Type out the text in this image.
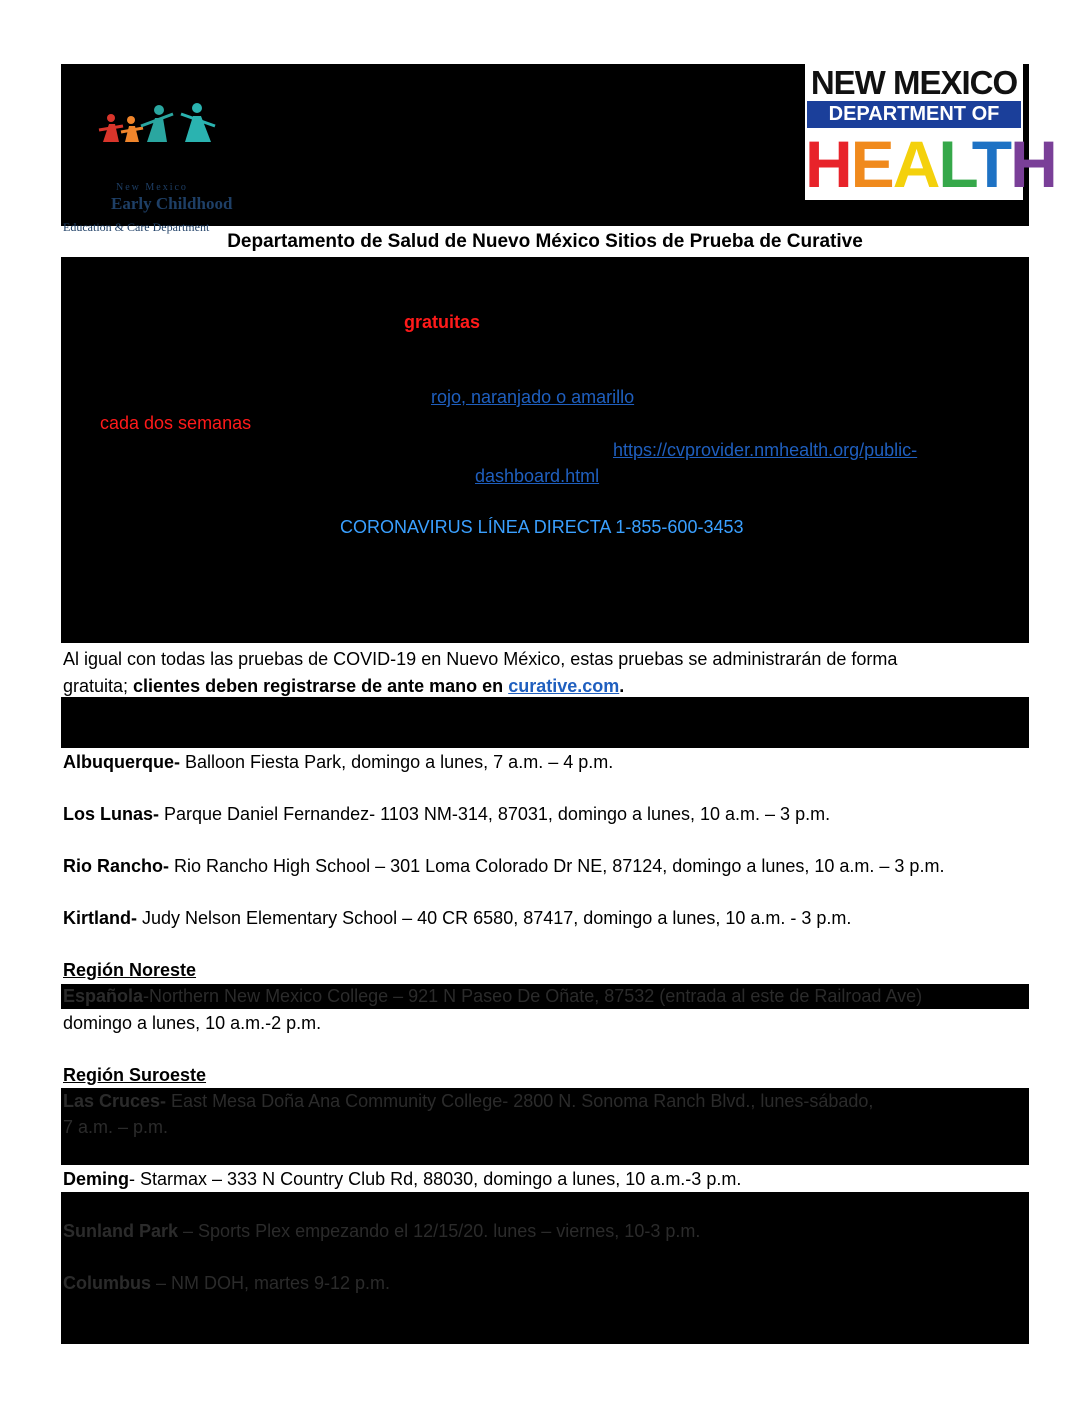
New Mexico
Early Childhood
Education & Care Department
NEW MEXICO
DEPARTMENT OF
HEALTH
Departamento de Salud de Nuevo México Sitios de Prueba de Curative
gratuitas
rojo, naranjado o amarillo
cada dos semanas
https://cvprovider.nmhealth.org/public-
dashboard.html
CORONAVIRUS LÍNEA DIRECTA 1-855-600-3453
Al igual con todas las pruebas de COVID-19 en Nuevo México, estas pruebas se administrarán de forma
gratuita; clientes deben registrarse de ante mano en curative.com.
Albuquerque- Balloon Fiesta Park, domingo a lunes, 7 a.m. – 4 p.m.
Los Lunas- Parque Daniel Fernandez- 1103 NM-314, 87031, domingo a lunes, 10 a.m. – 3 p.m.
Rio Rancho- Rio Rancho High School – 301 Loma Colorado Dr NE, 87124, domingo a lunes, 10 a.m. – 3 p.m.
Kirtland- Judy Nelson Elementary School – 40 CR 6580, 87417, domingo a lunes, 10 a.m. - 3 p.m.
Región Noreste
Española-Northern New Mexico College – 921 N Paseo De Oñate, 87532 (entrada al este de Railroad Ave)
domingo a lunes, 10 a.m.-2 p.m.
Región Suroeste
Las Cruces- East Mesa Doña Ana Community College- 2800 N. Sonoma Ranch Blvd., lunes-sábado,
7 a.m. – p.m.
Deming- Starmax – 333 N Country Club Rd, 88030, domingo a lunes, 10 a.m.-3 p.m.
Sunland Park – Sports Plex empezando el 12/15/20. lunes – viernes, 10-3 p.m.
Columbus – NM DOH, martes 9-12 p.m.
